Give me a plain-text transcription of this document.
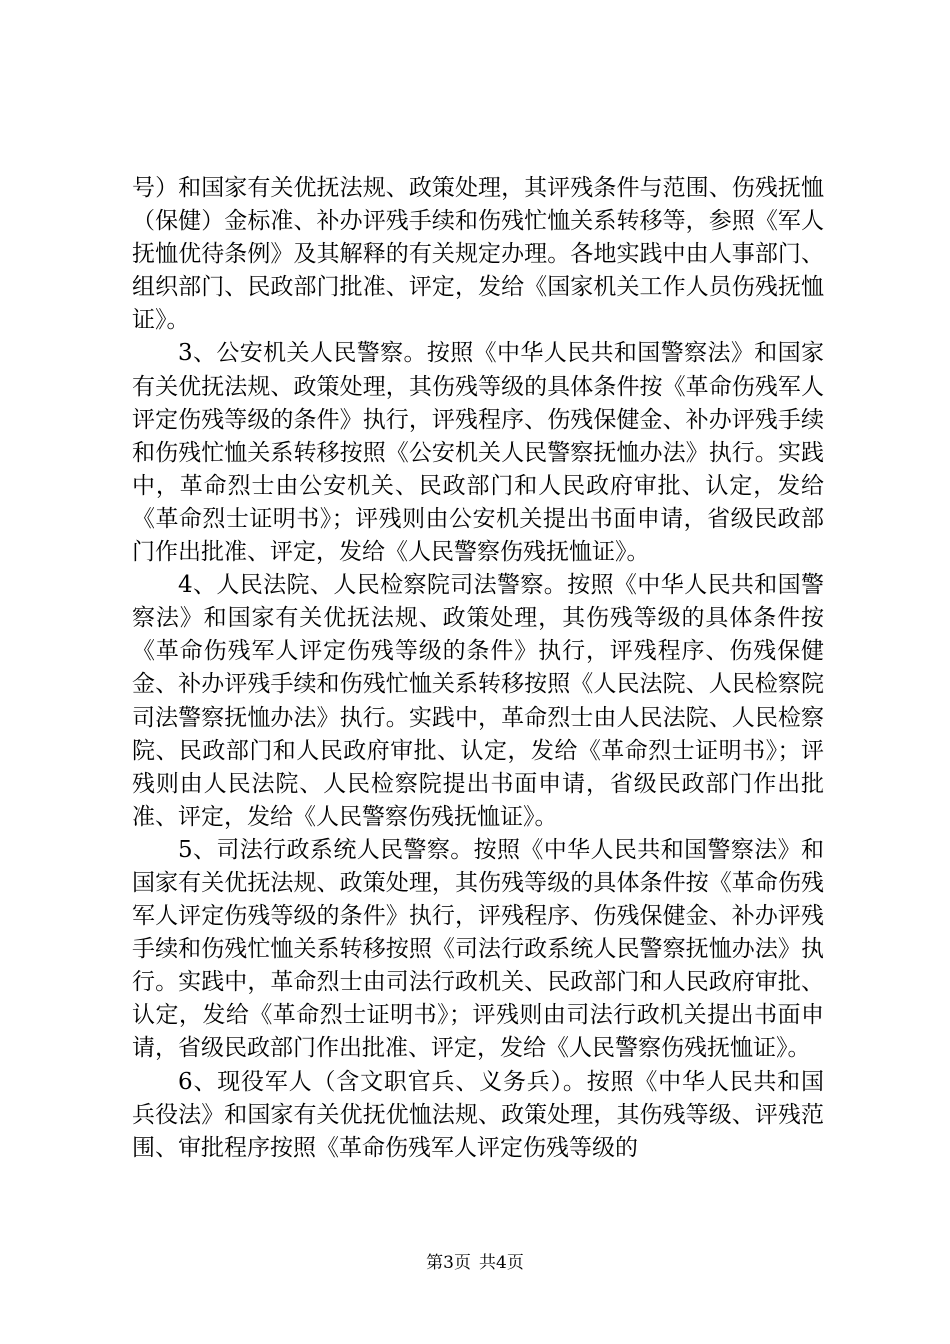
号）和国家有关优抚法规、政策处理，其评残条件与范围、伤残抚恤（保健）金标准、补办评残手续和伤残忙恤关系转移等，参照《军人抚恤优待条例》及其解释的有关规定办理。各地实践中由人事部门、组织部门、民政部门批准、评定，发给《国家机关工作人员伤残抚恤证》。

3、公安机关人民警察。按照《中华人民共和国警察法》和国家有关优抚法规、政策处理，其伤残等级的具体条件按《革命伤残军人评定伤残等级的条件》执行，评残程序、伤残保健金、补办评残手续和伤残忙恤关系转移按照《公安机关人民警察抚恤办法》执行。实践中，革命烈士由公安机关、民政部门和人民政府审批、认定，发给《革命烈士证明书》；评残则由公安机关提出书面申请，省级民政部门作出批准、评定，发给《人民警察伤残抚恤证》。

4、人民法院、人民检察院司法警察。按照《中华人民共和国警察法》和国家有关优抚法规、政策处理，其伤残等级的具体条件按《革命伤残军人评定伤残等级的条件》执行，评残程序、伤残保健金、补办评残手续和伤残忙恤关系转移按照《人民法院、人民检察院司法警察抚恤办法》执行。实践中，革命烈士由人民法院、人民检察院、民政部门和人民政府审批、认定，发给《革命烈士证明书》；评残则由人民法院、人民检察院提出书面申请，省级民政部门作出批准、评定，发给《人民警察伤残抚恤证》。

5、司法行政系统人民警察。按照《中华人民共和国警察法》和国家有关优抚法规、政策处理，其伤残等级的具体条件按《革命伤残军人评定伤残等级的条件》执行，评残程序、伤残保健金、补办评残手续和伤残忙恤关系转移按照《司法行政系统人民警察抚恤办法》执行。实践中，革命烈士由司法行政机关、民政部门和人民政府审批、认定，发给《革命烈士证明书》；评残则由司法行政机关提出书面申请，省级民政部门作出批准、评定，发给《人民警察伤残抚恤证》。

6、现役军人（含文职官兵、义务兵）。按照《中华人民共和国兵役法》和国家有关优抚优恤法规、政策处理，其伤残等级、评残范围、审批程序按照《革命伤残军人评定伤残等级的

第3页 共4页
